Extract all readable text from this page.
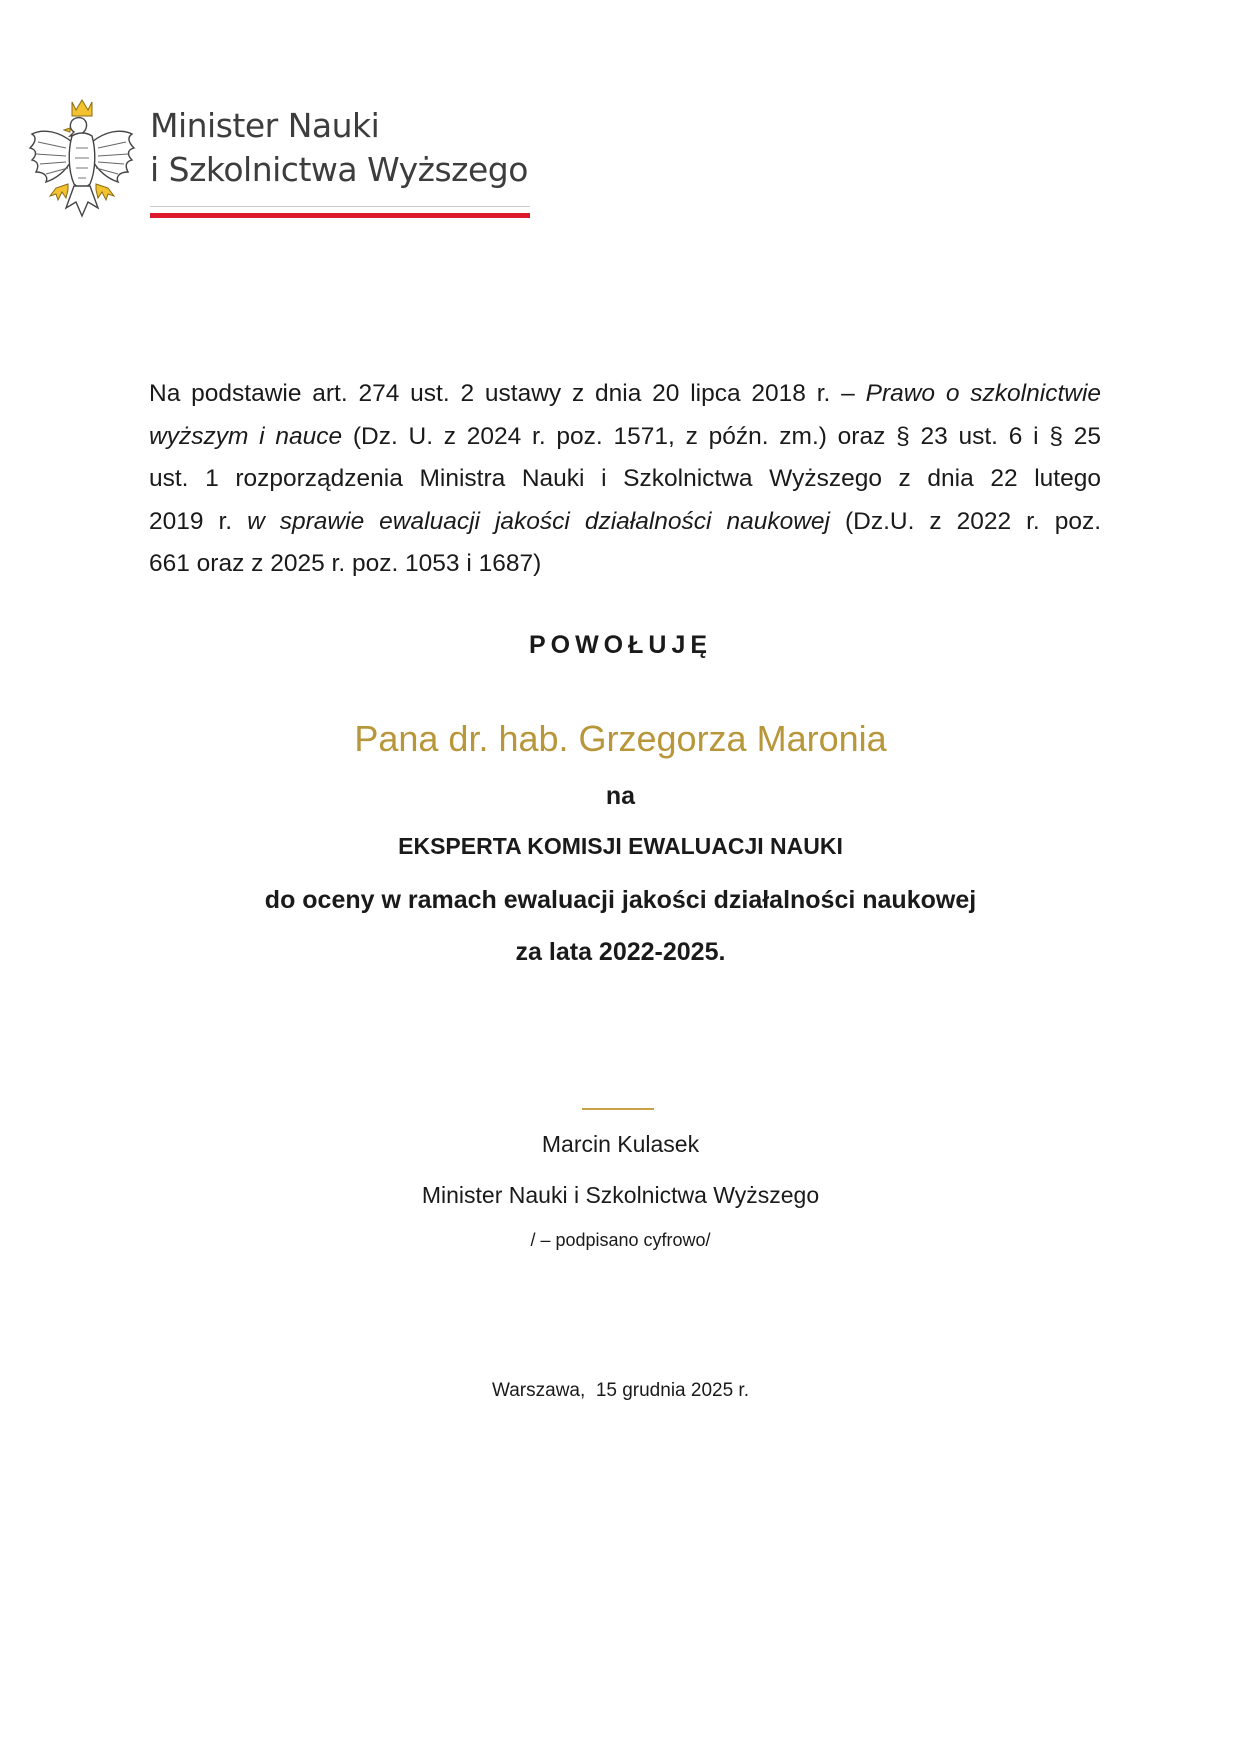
Minister Nauki
i Szkolnictwa Wyższego
Na podstawie art. 274 ust. 2 ustawy z dnia 20 lipca 2018 r. – Prawo o szkolnictwie
wyższym i nauce (Dz. U. z 2024 r. poz. 1571, z późn. zm.) oraz § 23 ust. 6 i § 25
ust. 1 rozporządzenia Ministra Nauki i Szkolnictwa Wyższego z dnia 22 lutego
2019 r. w sprawie ewaluacji jakości działalności naukowej (Dz.U. z 2022 r. poz.
661 oraz z 2025 r. poz. 1053 i 1687)
POWOŁUJĘ
Pana dr. hab. Grzegorza Maronia
na
EKSPERTA KOMISJI EWALUACJI NAUKI
do oceny w ramach ewaluacji jakości działalności naukowej
za lata 2022-2025.
Marcin Kulasek
Minister Nauki i Szkolnictwa Wyższego
/ – podpisano cyfrowo/
Warszawa,  15 grudnia 2025 r.
